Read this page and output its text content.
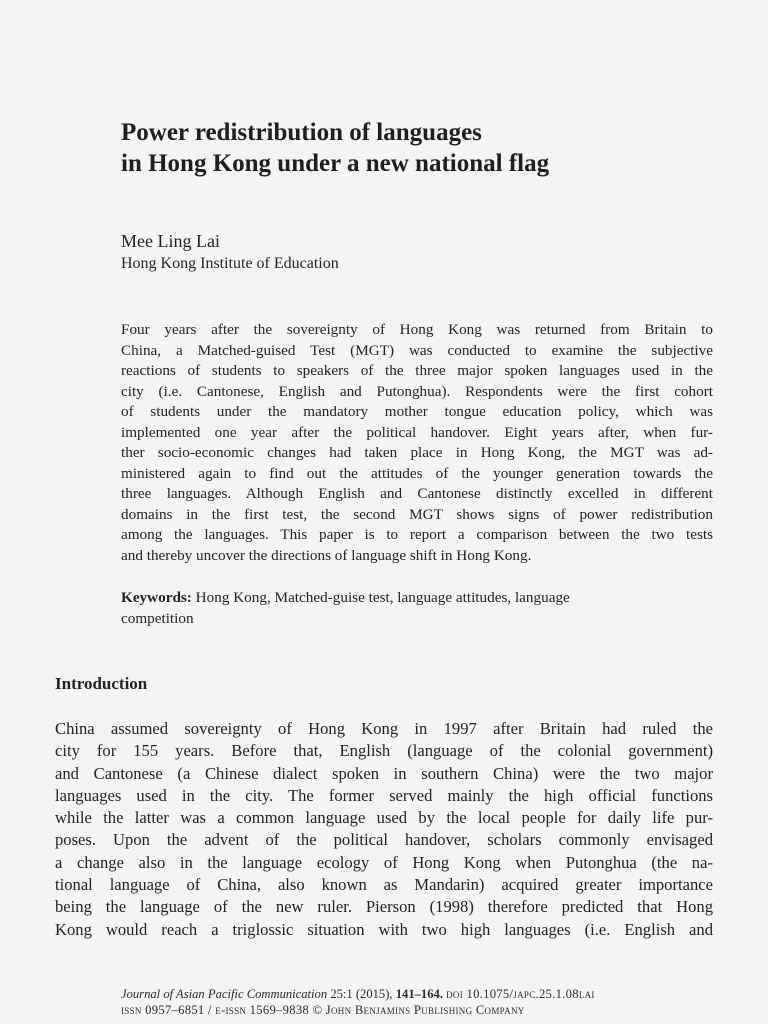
Power redistribution of languages
in Hong Kong under a new national flag
Mee Ling Lai
Hong Kong Institute of Education
Four years after the sovereignty of Hong Kong was returned from Britain to
China, a Matched-guised Test (MGT) was conducted to examine the subjective
reactions of students to speakers of the three major spoken languages used in the
city (i.e. Cantonese, English and Putonghua). Respondents were the first cohort
of students under the mandatory mother tongue education policy, which was
implemented one year after the political handover. Eight years after, when fur-
ther socio-economic changes had taken place in Hong Kong, the MGT was ad-
ministered again to find out the attitudes of the younger generation towards the
three languages. Although English and Cantonese distinctly excelled in different
domains in the first test, the second MGT shows signs of power redistribution
among the languages. This paper is to report a comparison between the two tests
and thereby uncover the directions of language shift in Hong Kong.
Keywords: Hong Kong, Matched-guise test, language attitudes, language
competition
Introduction
China assumed sovereignty of Hong Kong in 1997 after Britain had ruled the
city for 155 years. Before that, English (language of the colonial government)
and Cantonese (a Chinese dialect spoken in southern China) were the two major
languages used in the city. The former served mainly the high official functions
while the latter was a common language used by the local people for daily life pur-
poses. Upon the advent of the political handover, scholars commonly envisaged
a change also in the language ecology of Hong Kong when Putonghua (the na-
tional language of China, also known as Mandarin) acquired greater importance
being the language of the new ruler. Pierson (1998) therefore predicted that Hong
Kong would reach a triglossic situation with two high languages (i.e. English and
Journal of Asian Pacific Communication 25:1 (2015), 141–164. doi 10.1075/japc.25.1.08lai
issn 0957–6851 / e-issn 1569–9838 © John Benjamins Publishing Company
